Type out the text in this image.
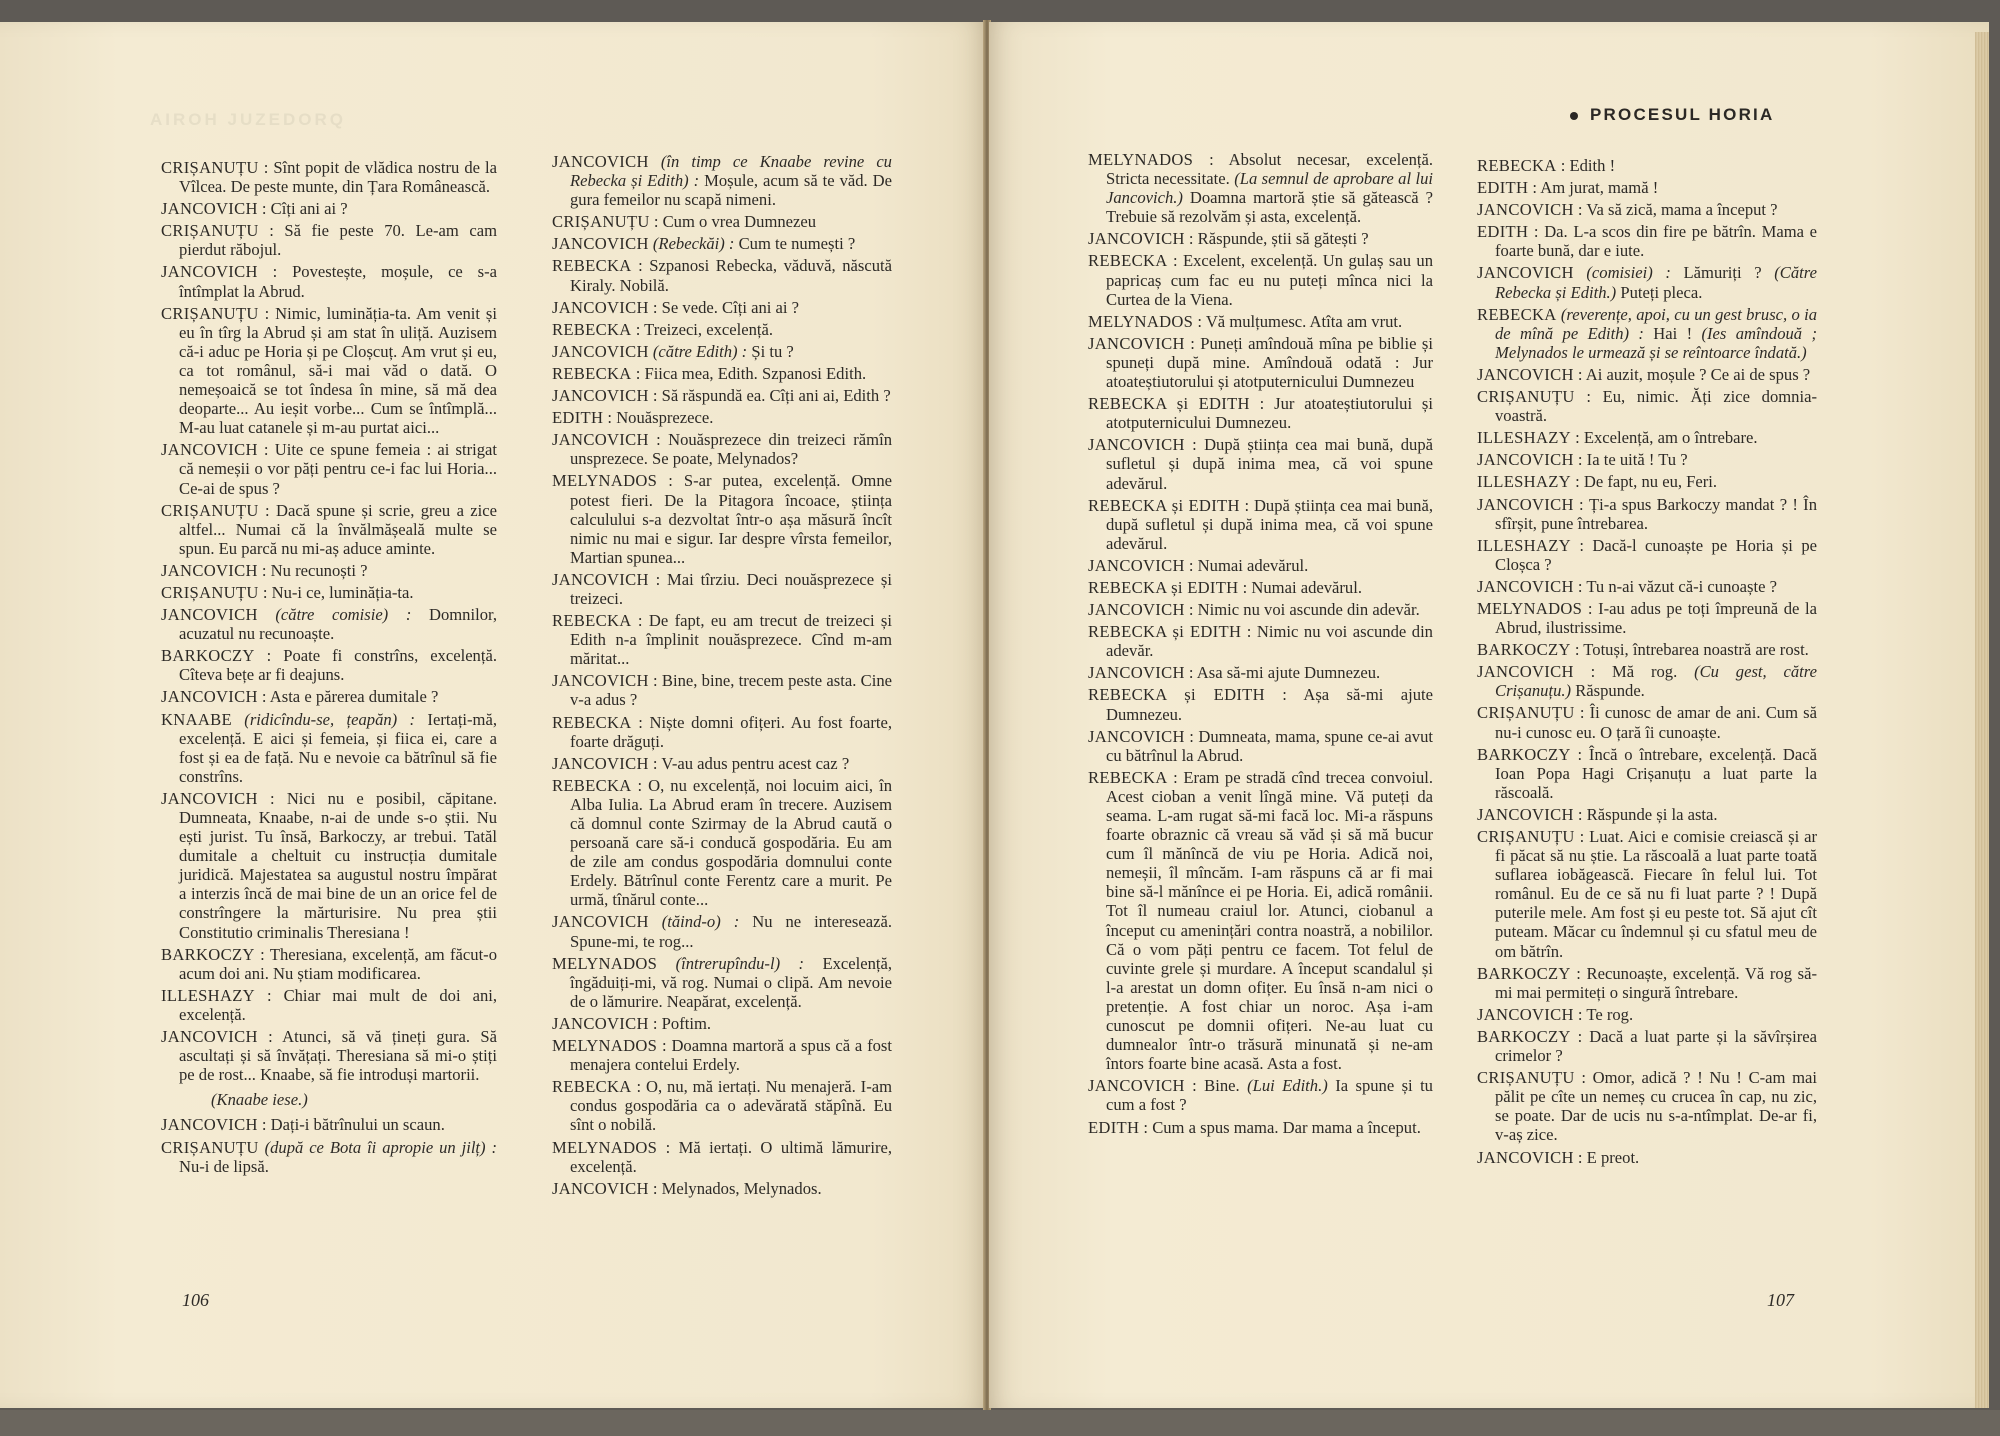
AIROH JUZEDORQ

CRIȘANUȚU : Sînt popit de vlădica nostru de la Vîlcea. De peste munte, din Țara Românească.

JANCOVICH : Cîți ani ai ?

CRIȘANUȚU : Să fie peste 70. Le-am cam pierdut răbojul.

JANCOVICH : Povestește, moșule, ce s-a întîmplat la Abrud.

CRIȘANUȚU : Nimic, luminăția-ta. Am venit și eu în tîrg la Abrud și am stat în uliță. Auzisem că-i aduc pe Horia și pe Cloșcuț. Am vrut și eu, ca tot românul, să-i mai văd o dată. O nemeșoaică se tot îndesa în mine, să mă dea deoparte... Au ieșit vorbe... Cum se întîmplă... M-au luat catanele și m-au purtat aici...

JANCOVICH : Uite ce spune femeia : ai strigat că nemeșii o vor păți pentru ce-i fac lui Horia... Ce-ai de spus ?

CRIȘANUȚU : Dacă spune și scrie, greu a zice altfel... Numai că la învălmășeală multe se spun. Eu parcă nu mi-aș aduce aminte.

JANCOVICH : Nu recunoști ?

CRIȘANUȚU : Nu-i ce, luminăția-ta.

JANCOVICH (către comisie) : Domnilor, acuzatul nu recunoaște.

BARKOCZY : Poate fi constrîns, excelență. Cîteva bețe ar fi deajuns.

JANCOVICH : Asta e părerea dumitale ?

KNAABE (ridicîndu-se, țeapăn) : Iertați-mă, excelență. E aici și femeia, și fiica ei, care a fost și ea de față. Nu e nevoie ca bătrînul să fie constrîns.

JANCOVICH : Nici nu e posibil, căpitane. Dumneata, Knaabe, n-ai de unde s-o știi. Nu ești jurist. Tu însă, Barkoczy, ar trebui. Tatăl dumitale a cheltuit cu instrucția dumitale juridică. Majestatea sa augustul nostru împărat a interzis încă de mai bine de un an orice fel de constrîngere la mărturisire. Nu prea știi Constitutio criminalis Theresiana !

BARKOCZY : Theresiana, excelență, am făcut-o acum doi ani. Nu știam modificarea.

ILLESHAZY : Chiar mai mult de doi ani, excelență.

JANCOVICH : Atunci, să vă țineți gura. Să ascultați și să învățați. Theresiana să mi-o știți pe de rost... Knaabe, să fie introduși martorii.

(Knaabe iese.)

JANCOVICH : Dați-i bătrînului un scaun.

CRIȘANUȚU (după ce Bota îi apropie un jilț) : Nu-i de lipsă.

JANCOVICH (în timp ce Knaabe revine cu Rebecka și Edith) : Moșule, acum să te văd. De gura femeilor nu scapă nimeni.

CRIȘANUȚU : Cum o vrea Dumnezeu

JANCOVICH (Rebeckăi) : Cum te numești ?

REBECKA : Szpanosi Rebecka, văduvă, născută Kiraly. Nobilă.

JANCOVICH : Se vede. Cîți ani ai ?

REBECKA : Treizeci, excelență.

JANCOVICH (către Edith) : Și tu ?

REBECKA : Fiica mea, Edith. Szpanosi Edith.

JANCOVICH : Să răspundă ea. Cîți ani ai, Edith ?

EDITH : Nouăsprezece.

JANCOVICH : Nouăsprezece din treizeci rămîn unsprezece. Se poate, Melynados?

MELYNADOS : S-ar putea, excelență. Omne potest fieri. De la Pitagora încoace, știința calculului s-a dezvoltat într-o așa măsură încît nimic nu mai e sigur. Iar despre vîrsta femeilor, Martian spunea...

JANCOVICH : Mai tîrziu. Deci nouăsprezece și treizeci.

REBECKA : De fapt, eu am trecut de treizeci și Edith n-a împlinit nouăsprezece. Cînd m-am măritat...

JANCOVICH : Bine, bine, trecem peste asta. Cine v-a adus ?

REBECKA : Niște domni ofițeri. Au fost foarte, foarte drăguți.

JANCOVICH : V-au adus pentru acest caz ?

REBECKA : O, nu excelență, noi locuim aici, în Alba Iulia. La Abrud eram în trecere. Auzisem că domnul conte Szirmay de la Abrud caută o persoană care să-i conducă gospodăria. Eu am de zile am condus gospodăria domnului conte Erdely. Bătrînul conte Ferentz care a murit. Pe urmă, tînărul conte...

JANCOVICH (tăind-o) : Nu ne interesează. Spune-mi, te rog...

MELYNADOS (întrerupîndu-l) : Excelență, îngăduiți-mi, vă rog. Numai o clipă. Am nevoie de o lămurire. Neapărat, excelență.

JANCOVICH : Poftim.

MELYNADOS : Doamna martoră a spus că a fost menajera contelui Erdely.

REBECKA : O, nu, mă iertați. Nu menajeră. I-am condus gospodăria ca o adevărată stăpînă. Eu sînt o nobilă.

MELYNADOS : Mă iertați. O ultimă lămurire, excelență.

JANCOVICH : Melynados, Melynados.

106

MELYNADOS : Absolut necesar, excelență. Stricta necessitate. (La semnul de aprobare al lui Jancovich.) Doamna martoră știe să gătească ? Trebuie să rezolvăm și asta, excelență.

JANCOVICH : Răspunde, știi să gătești ?

REBECKA : Excelent, excelență. Un gulaș sau un papricaș cum fac eu nu puteți mînca nici la Curtea de la Viena.

MELYNADOS : Vă mulțumesc. Atîta am vrut.

JANCOVICH : Puneți amîndouă mîna pe biblie și spuneți după mine. Amîndouă odată : Jur atoateștiutorului și atotputernicului Dumnezeu

REBECKA și EDITH : Jur atoateștiutorului și atotputernicului Dumnezeu.

JANCOVICH : După știința cea mai bună, după sufletul și după inima mea, că voi spune adevărul.

REBECKA și EDITH : După știința cea mai bună, după sufletul și după inima mea, că voi spune adevărul.

JANCOVICH : Numai adevărul.

REBECKA și EDITH : Numai adevărul.

JANCOVICH : Nimic nu voi ascunde din adevăr.

REBECKA și EDITH : Nimic nu voi ascunde din adevăr.

JANCOVICH : Asa să-mi ajute Dumnezeu.

REBECKA și EDITH : Așa să-mi ajute Dumnezeu.

JANCOVICH : Dumneata, mama, spune ce-ai avut cu bătrînul la Abrud.

REBECKA : Eram pe stradă cînd trecea convoiul. Acest cioban a venit lîngă mine. Vă puteți da seama. L-am rugat să-mi facă loc. Mi-a răspuns foarte obraznic că vreau să văd și să mă bucur cum îl mănîncă de viu pe Horia. Adică noi, nemeșii, îl mîncăm. I-am răspuns că ar fi mai bine să-l mănînce ei pe Horia. Ei, adică românii. Tot îl numeau craiul lor. Atunci, ciobanul a început cu amenințări contra noastră, a nobililor. Că o vom păți pentru ce facem. Tot felul de cuvinte grele și murdare. A început scandalul și l-a arestat un domn ofițer. Eu însă n-am nici o pretenție. A fost chiar un noroc. Așa i-am cunoscut pe domnii ofițeri. Ne-au luat cu dumnealor într-o trăsură minunată și ne-am întors foarte bine acasă. Asta a fost.

JANCOVICH : Bine. (Lui Edith.) Ia spune și tu cum a fost ?

EDITH : Cum a spus mama. Dar mama a început.

REBECKA : Edith !

EDITH : Am jurat, mamă !

JANCOVICH : Va să zică, mama a început ?

EDITH : Da. L-a scos din fire pe bătrîn. Mama e foarte bună, dar e iute.

JANCOVICH (comisiei) : Lămuriți ? (Către Rebecka și Edith.) Puteți pleca.

REBECKA (reverențe, apoi, cu un gest brusc, o ia de mînă pe Edith) : Hai ! (Ies amîndouă ; Melynados le urmează și se reîntoarce îndată.)

JANCOVICH : Ai auzit, moșule ? Ce ai de spus ?

CRIȘANUȚU : Eu, nimic. Ăți zice domnia-voastră.

ILLESHAZY : Excelență, am o întrebare.

JANCOVICH : Ia te uită ! Tu ?

ILLESHAZY : De fapt, nu eu, Feri.

JANCOVICH : Ți-a spus Barkoczy mandat ? ! În sfîrșit, pune întrebarea.

ILLESHAZY : Dacă-l cunoaște pe Horia și pe Cloșca ?

JANCOVICH : Tu n-ai văzut că-i cunoaște ?

MELYNADOS : I-au adus pe toți împreună de la Abrud, ilustrissime.

BARKOCZY : Totuși, întrebarea noastră are rost.

JANCOVICH : Mă rog. (Cu gest, către Crișanuțu.) Răspunde.

CRIȘANUȚU : Îi cunosc de amar de ani. Cum să nu-i cunosc eu. O țară îi cunoaște.

BARKOCZY : Încă o întrebare, excelență. Dacă Ioan Popa Hagi Crișanuțu a luat parte la răscoală.

JANCOVICH : Răspunde și la asta.

CRIȘANUȚU : Luat. Aici e comisie creiască și ar fi păcat să nu știe. La răscoală a luat parte toată suflarea iobăgească. Fiecare în felul lui. Tot românul. Eu de ce să nu fi luat parte ? ! După puterile mele. Am fost și eu peste tot. Să ajut cît puteam. Măcar cu îndemnul și cu sfatul meu de om bătrîn.

BARKOCZY : Recunoaște, excelență. Vă rog să-mi mai permiteți o singură întrebare.

JANCOVICH : Te rog.

BARKOCZY : Dacă a luat parte și la săvîrșirea crimelor ?

CRIȘANUȚU : Omor, adică ? ! Nu ! C-am mai pălit pe cîte un nemeș cu crucea în cap, nu zic, se poate. Dar de ucis nu s-a-ntîmplat. De-ar fi, v-aș zice.

JANCOVICH : E preot.

107
PROCESUL HORIA
